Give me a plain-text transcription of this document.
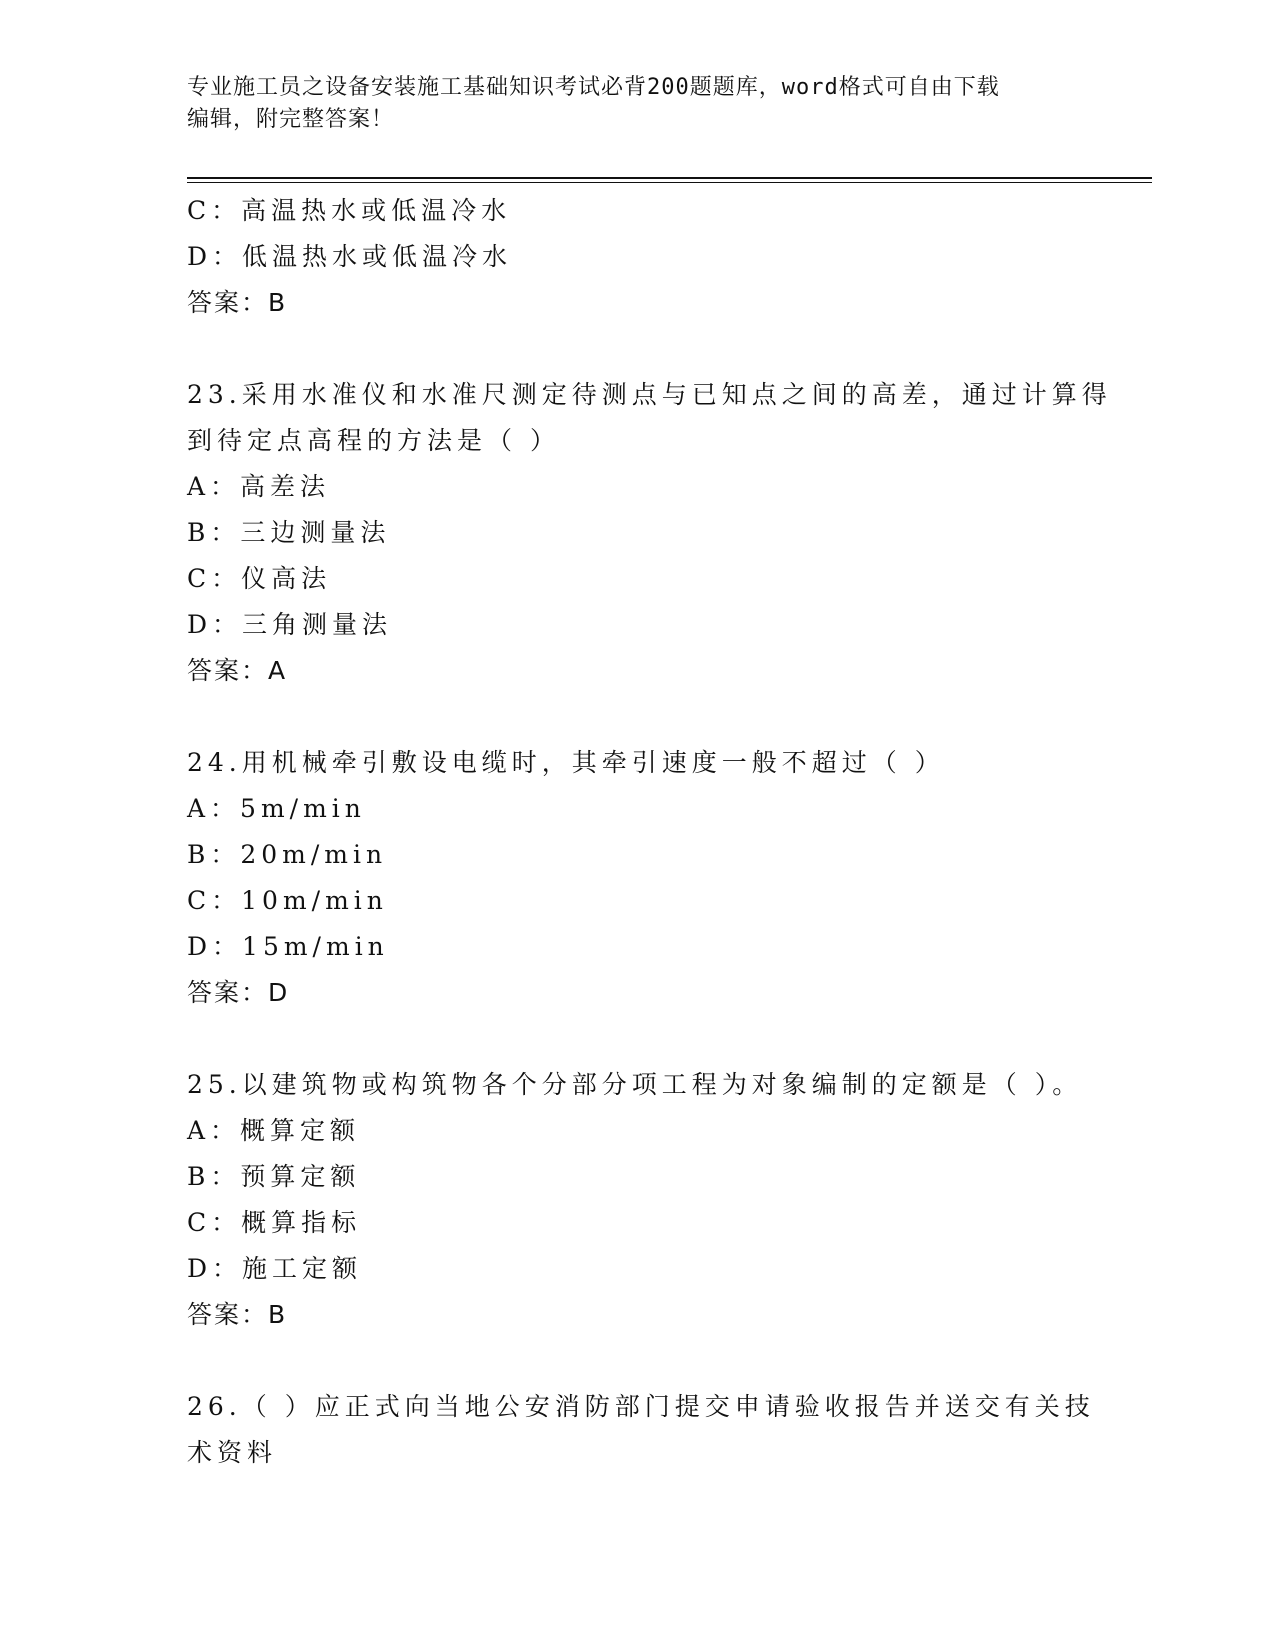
专业施工员之设备安装施工基础知识考试必背200题题库，word格式可自由下载
编辑，附完整答案！
C：高温热水或低温冷水
D：低温热水或低温冷水
答案：B
23.采用水准仪和水准尺测定待测点与已知点之间的高差，通过计算得
到待定点高程的方法是（ ）
A：高差法
B：三边测量法
C：仪高法
D：三角测量法
答案：A
24.用机械牵引敷设电缆时，其牵引速度一般不超过（ ）
A：5m/min
B：20m/min
C：10m/min
D：15m/min
答案：D
25.以建筑物或构筑物各个分部分项工程为对象编制的定额是（ ）。
A：概算定额
B：预算定额
C：概算指标
D：施工定额
答案：B
26.（ ）应正式向当地公安消防部门提交申请验收报告并送交有关技
术资料
